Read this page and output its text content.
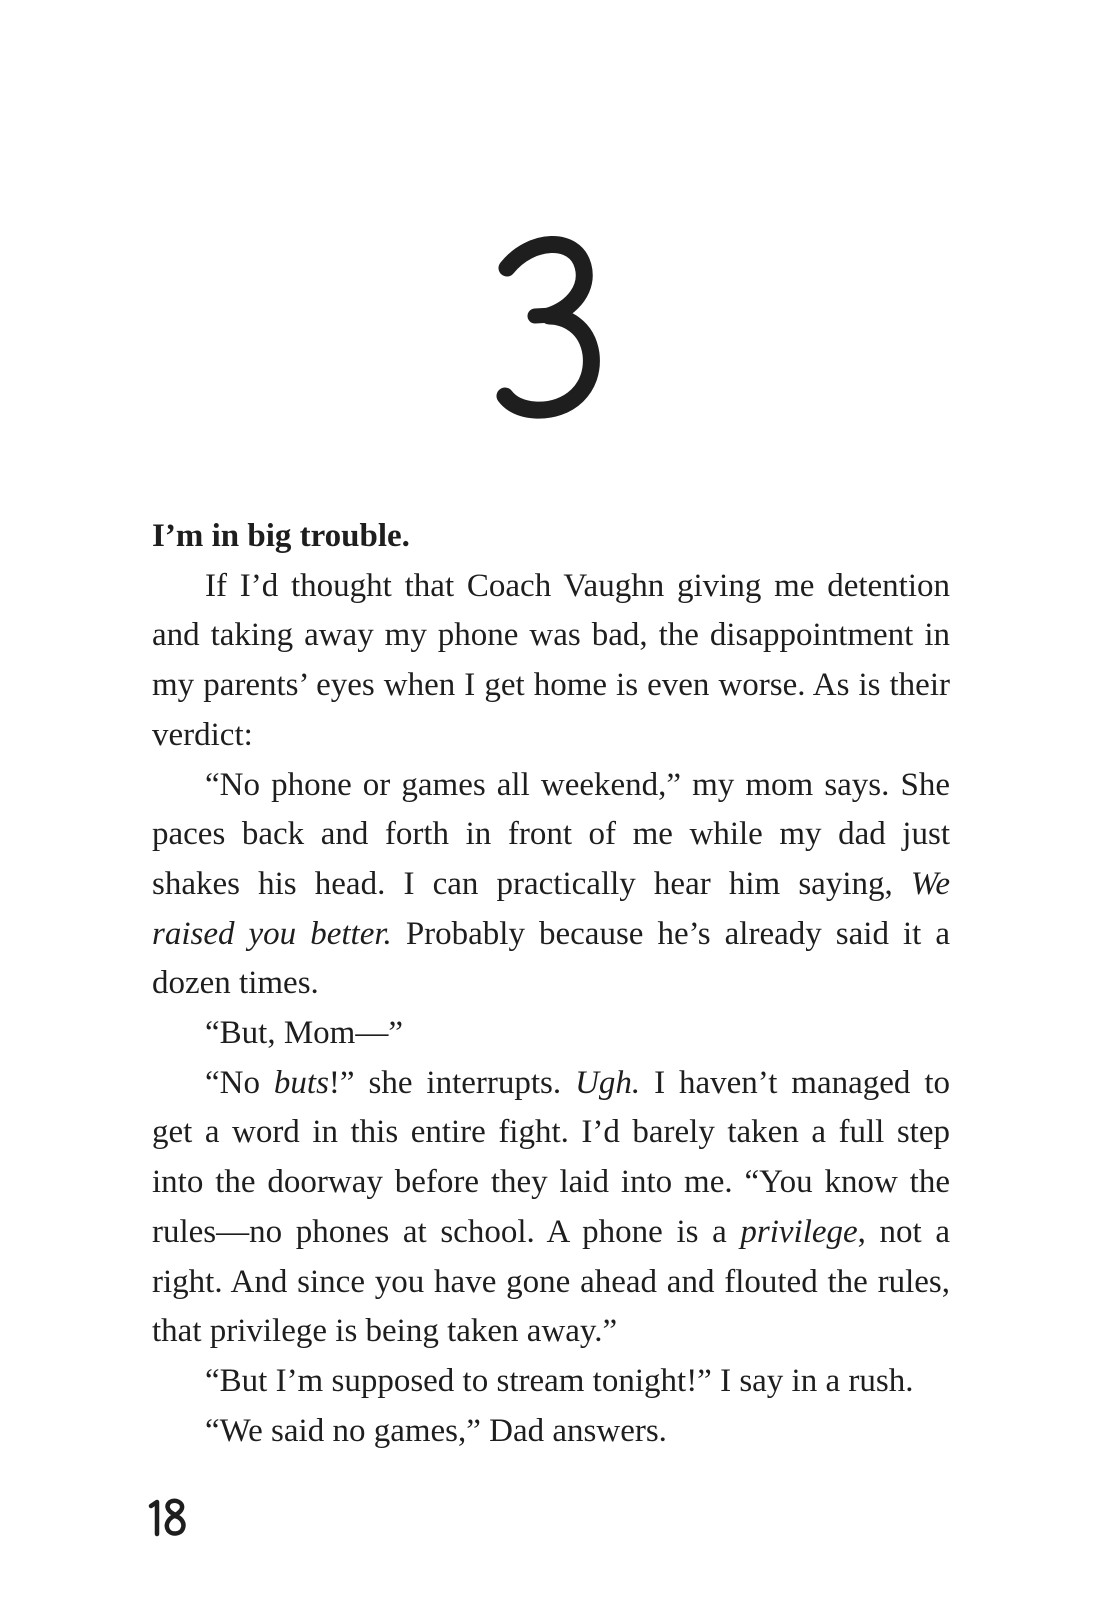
I’m in big trouble.

If I’d thought that Coach Vaughn giving me detention and taking away my phone was bad, the disappointment in my parents’ eyes when I get home is even worse. As is their verdict:

“No phone or games all weekend,” my mom says. She paces back and forth in front of me while my dad just shakes his head. I can practically hear him saying, We raised you better. Probably because he’s already said it a dozen times.

“But, Mom—”

“No buts!” she interrupts. Ugh. I haven’t managed to get a word in this entire fight. I’d barely taken a full step into the doorway before they laid into me. “You know the rules—no phones at school. A phone is a privilege, not a right. And since you have gone ahead and flouted the rules, that privilege is being taken away.”

“But I’m supposed to stream tonight!” I say in a rush.

“We said no games,” Dad answers.
